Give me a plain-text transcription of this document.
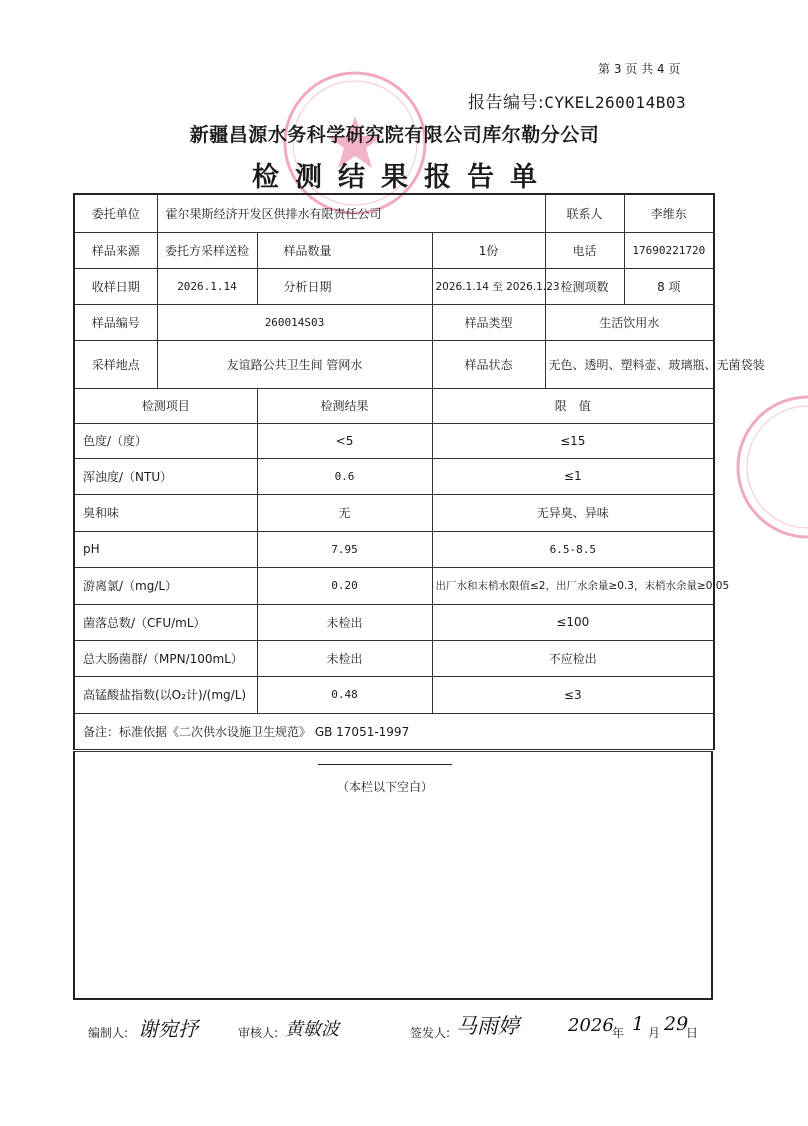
第 3 页 共 4 页
报告编号:CYKEL260014B03
新疆昌源水务科学研究院有限公司库尔勒分公司
检测结果报告单
委托单位	霍尔果斯经济开发区供排水有限责任公司			联系人	李维东
样品来源	委托方采样送检	样品数量	1份	电话	17690221720
收样日期	2026.1.14	分析日期	2026.1.14 至 2026.1.23	检测项数	8 项
样品编号	260014S03		样品类型	生活饮用水	
采样地点	友谊路公共卫生间 管网水		样品状态	无色、透明、塑料壶、玻璃瓶、无菌袋装	
检测项目		检测结果	限　值		
色度/（度）		<5	≤15		
浑浊度/（NTU）		0.6	≤1		
臭和味		无	无异臭、异味		
pH		7.95	6.5-8.5		
游离氯/（mg/L）		0.20	出厂水和末梢水限值≤2，出厂水余量≥0.3，末梢水余量≥0.05		
菌落总数/（CFU/mL）		未检出	≤100		
总大肠菌群/（MPN/100mL）		未检出	不应检出		
高锰酸盐指数(以O₂计)/(mg/L)		0.48	≤3		
备注：标准依据《二次供水设施卫生规范》 GB 17051-1997					
（本栏以下空白）
编制人: 谢宛抒	审核人: 黄敏波	签发人: 马雨婷	2026
年 1 月 29
日
